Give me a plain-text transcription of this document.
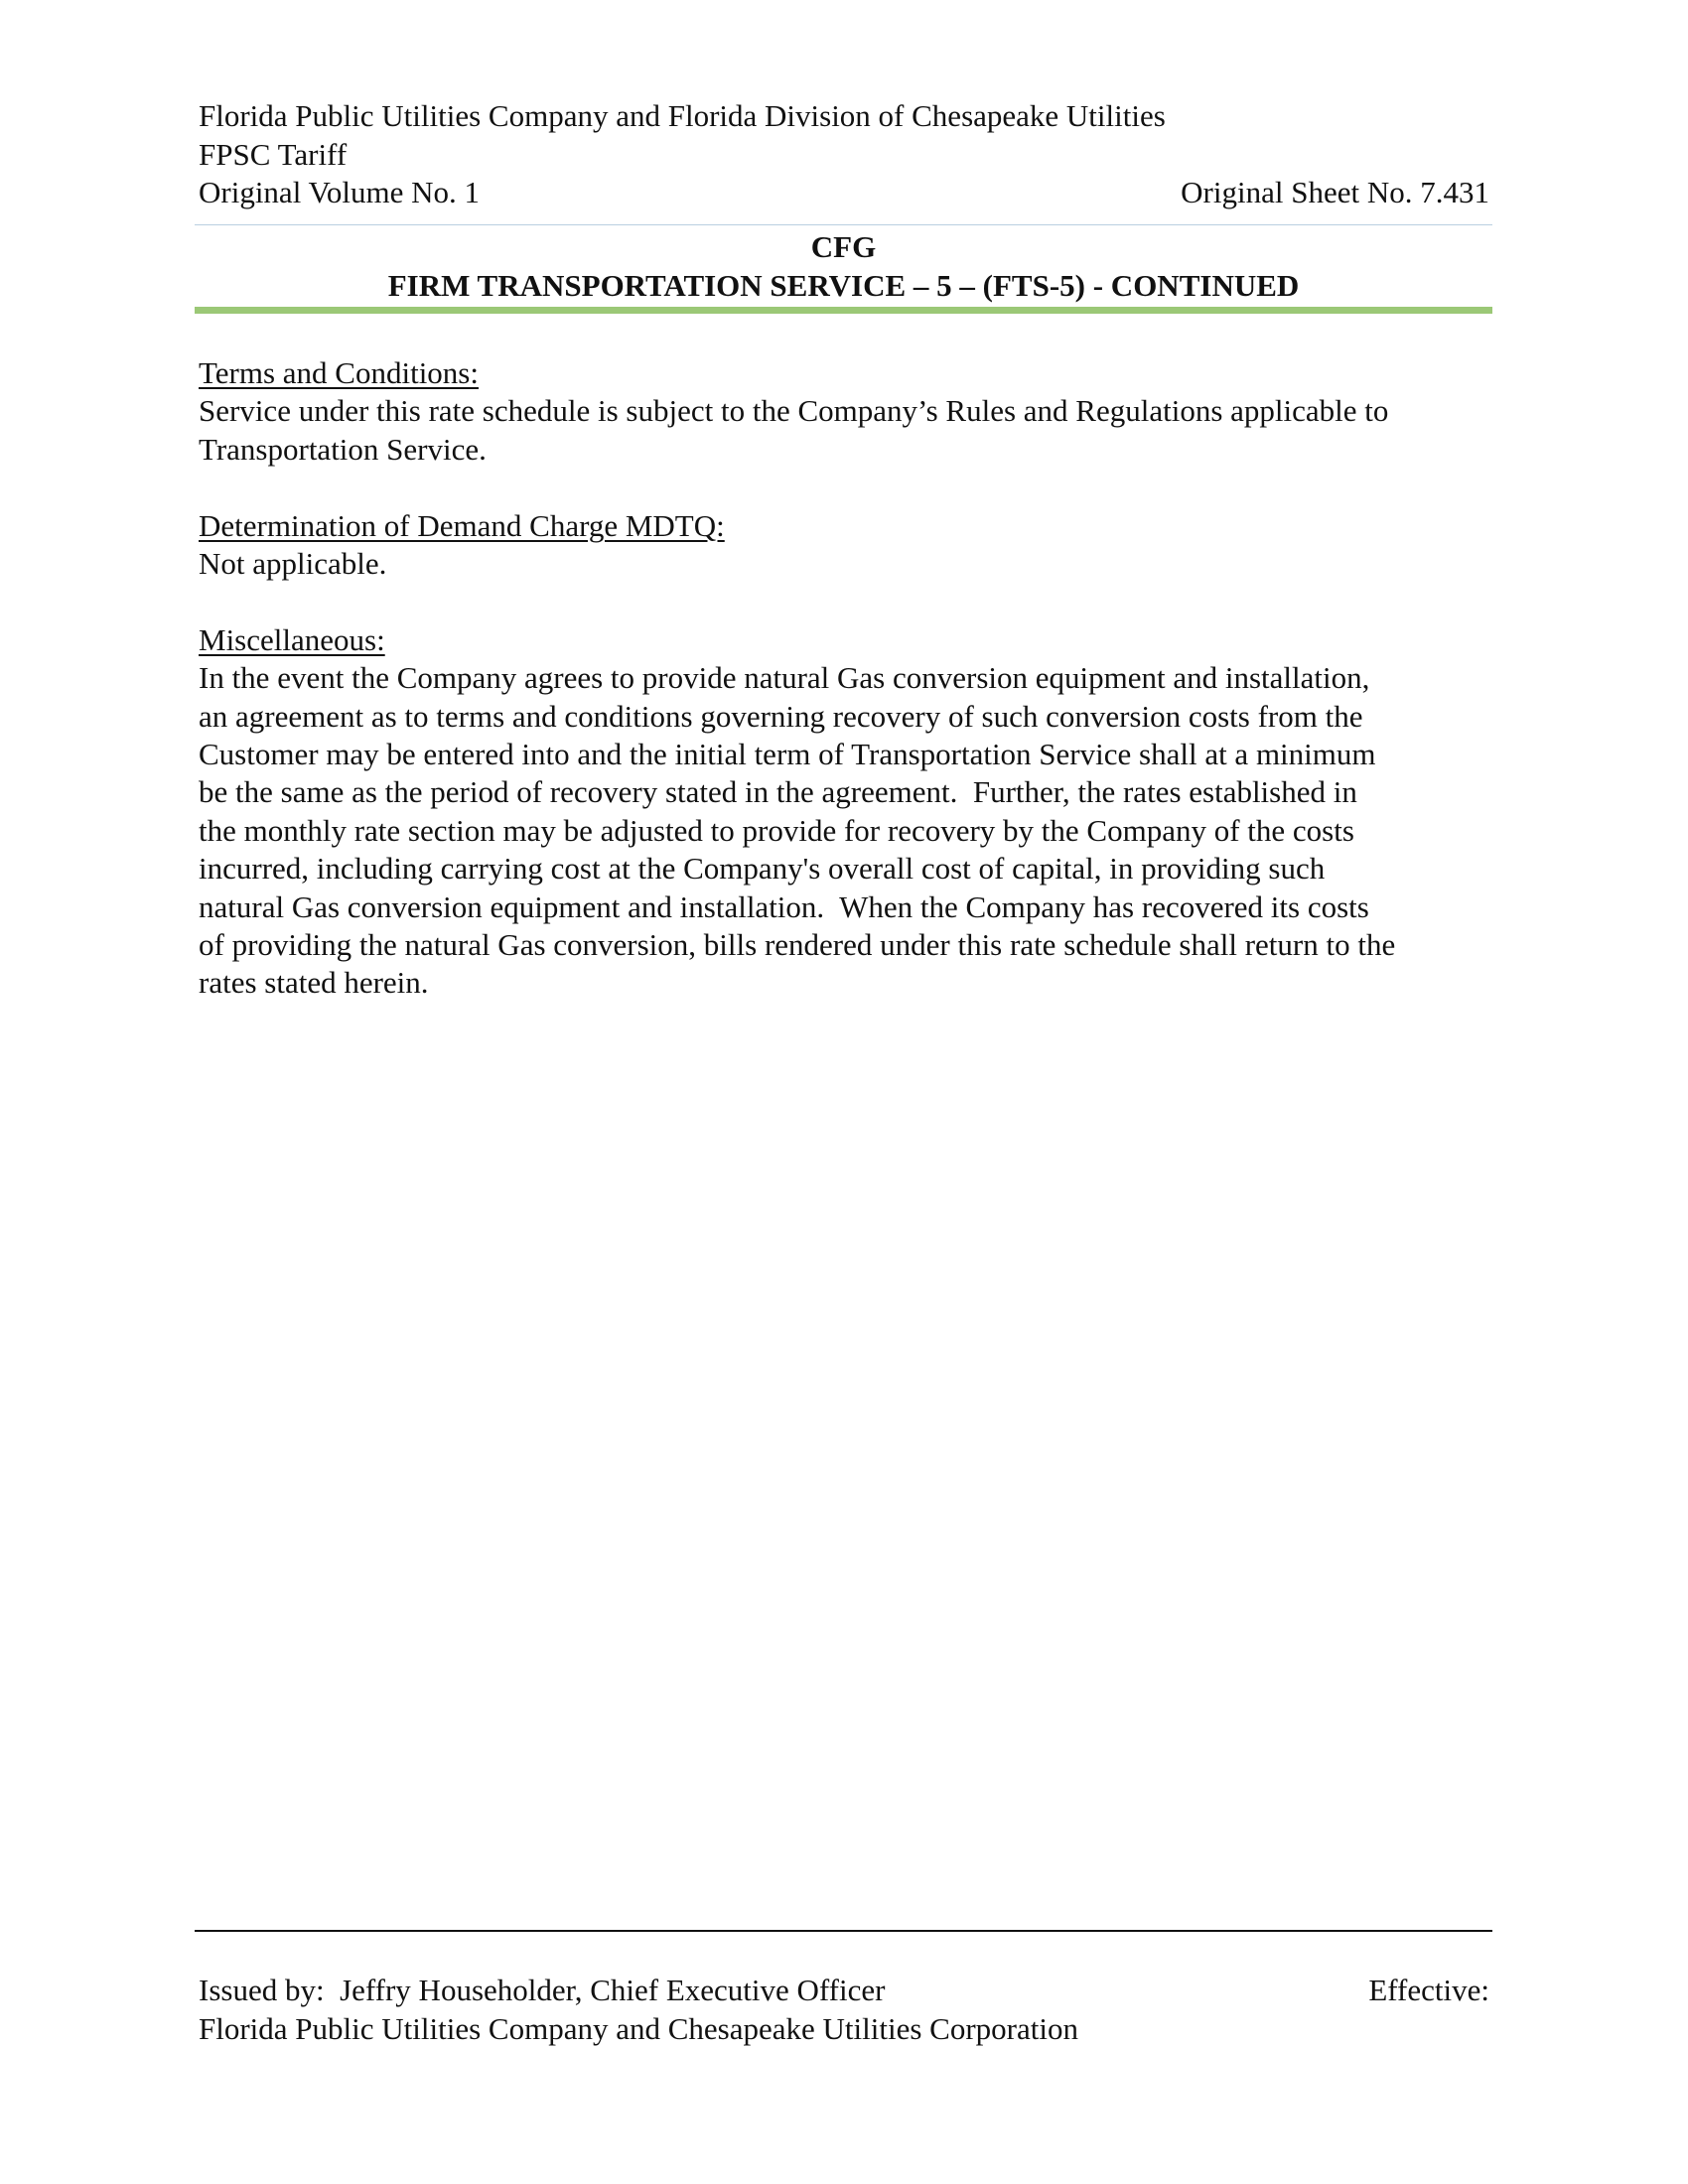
Florida Public Utilities Company and Florida Division of Chesapeake Utilities
FPSC Tariff
Original Volume No. 1	Original Sheet No. 7.431
CFG
FIRM TRANSPORTATION SERVICE – 5 – (FTS-5) - CONTINUED
Terms and Conditions:

Service under this rate schedule is subject to the Company’s Rules and Regulations applicable to Transportation Service.

Determination of Demand Charge MDTQ:

Not applicable.

Miscellaneous:
In the event the Company agrees to provide natural Gas conversion equipment and installation,
an agreement as to terms and conditions governing recovery of such conversion costs from the
Customer may be entered into and the initial term of Transportation Service shall at a minimum
be the same as the period of recovery stated in the agreement.  Further, the rates established in
the monthly rate section may be adjusted to provide for recovery by the Company of the costs
incurred, including carrying cost at the Company's overall cost of capital, in providing such
natural Gas conversion equipment and installation.  When the Company has recovered its costs
of providing the natural Gas conversion, bills rendered under this rate schedule shall return to the
rates stated herein.
Issued by:  Jeffry Householder, Chief Executive Officer	Effective:
Florida Public Utilities Company and Chesapeake Utilities Corporation
